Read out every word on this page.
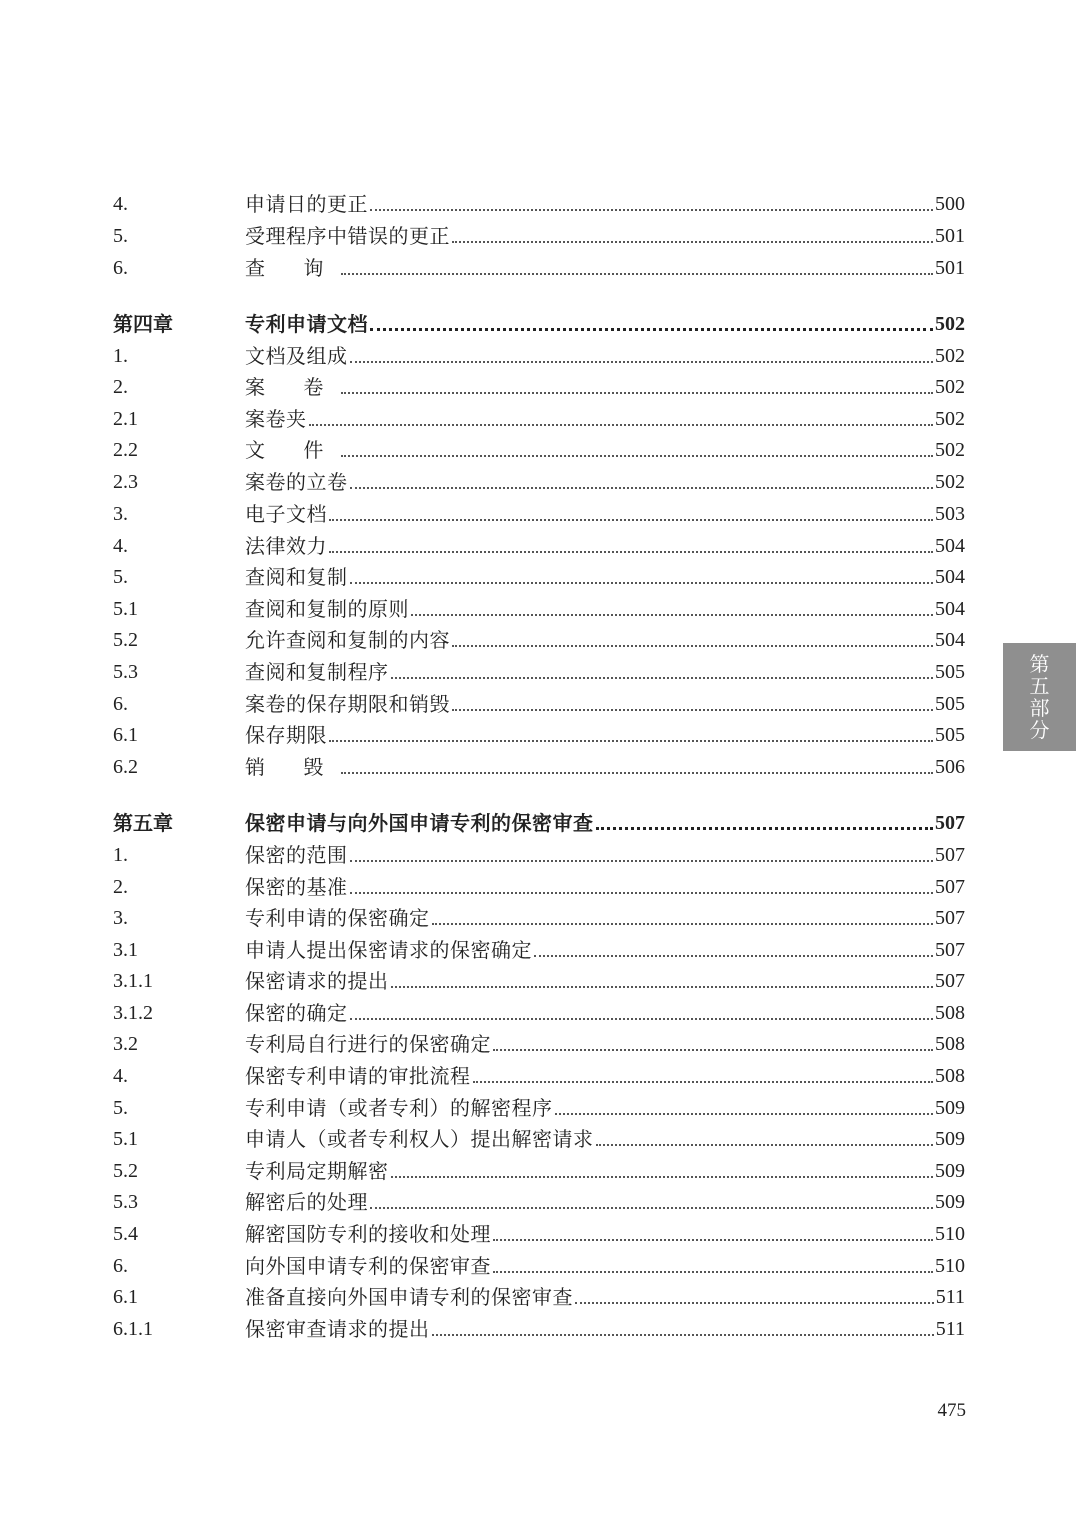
4.	申请日的更正	500
5.	受理程序中错误的更正	501
6.	查 询	501
第四章	专利申请文档	502
1.	文档及组成	502
2.	案 卷	502
2.1	案卷夹	502
2.2	文 件	502
2.3	案卷的立卷	502
3.	电子文档	503
4.	法律效力	504
5.	查阅和复制	504
5.1	查阅和复制的原则	504
5.2	允许查阅和复制的内容	504
5.3	查阅和复制程序	505
6.	案卷的保存期限和销毁	505
6.1	保存期限	505
6.2	销 毁	506
第五章	保密申请与向外国申请专利的保密审查	507
1.	保密的范围	507
2.	保密的基准	507
3.	专利申请的保密确定	507
3.1	申请人提出保密请求的保密确定	507
3.1.1	保密请求的提出	507
3.1.2	保密的确定	508
3.2	专利局自行进行的保密确定	508
4.	保密专利申请的审批流程	508
5.	专利申请（或者专利）的解密程序	509
5.1	申请人（或者专利权人）提出解密请求	509
5.2	专利局定期解密	509
5.3	解密后的处理	509
5.4	解密国防专利的接收和处理	510
6.	向外国申请专利的保密审查	510
6.1	准备直接向外国申请专利的保密审查	511
6.1.1	保密审查请求的提出	511
第
五
部
分
475
